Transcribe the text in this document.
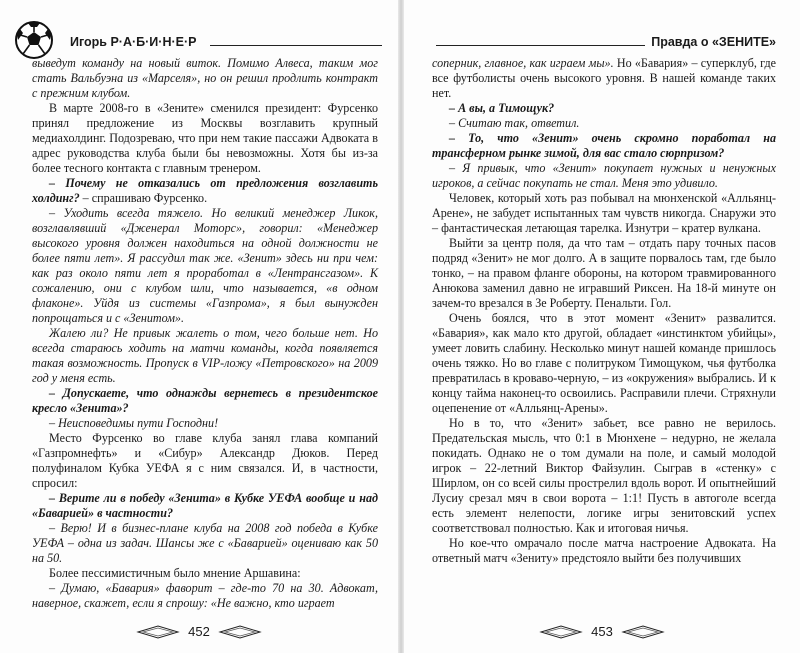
Игорь Р·А·Б·И·Н·Е·Р

выведут команду на новый виток. Помимо Алвеса, таким мог стать Вальбуэна из «Марселя», но он решил продлить контракт с прежним клубом.

В марте 2008-го в «Зените» сменился президент: Фурсенко принял предложение из Москвы возглавить крупный медиахолдинг. Подозреваю, что при нем такие пассажи Адвоката в адрес руководства клуба были бы невозможны. Хотя бы из-за более тесного контакта с главным тренером.

– Почему не отказались от предложения возглавить холдинг? – спрашиваю Фурсенко.

– Уходить всегда тяжело. Но великий менеджер Ликок, возглавлявший «Дженерал Моторс», говорил: «Менеджер высокого уровня должен находиться на одной должности не более пяти лет». Я рассудил так же. «Зенит» здесь ни при чем: как раз около пяти лет я проработал в «Лентрансгазом». К сожалению, они с клубом шли, что называется, «в одном флаконе». Уйдя из системы «Газпрома», я был вынужден попрощаться и с «Зенитом».

Жалею ли? Не привык жалеть о том, чего больше нет. Но всегда стараюсь ходить на матчи команды, когда появляется такая возможность. Пропуск в VIP-ложу «Петровского» на 2009 год у меня есть.

– Допускаете, что однажды вернетесь в президентское кресло «Зенита»?

– Неисповедимы пути Господни!

Место Фурсенко во главе клуба занял глава компаний «Газпромнефть» и «Сибур» Александр Дюков. Перед полуфиналом Кубка УЕФА я с ним связался. И, в частности, спросил:

– Верите ли в победу «Зенита» в Кубке УЕФА вообще и над «Баварией» в частности?

– Верю! И в бизнес-плане клуба на 2008 год победа в Кубке УЕФА – одна из задач. Шансы же с «Баварией» оцениваю как 50 на 50.

Более пессимистичным было мнение Аршавина:

– Думаю, «Бавария» фаворит – где-то 70 на 30. Адвокат, наверное, скажет, если я спрошу: «Не важно, кто играет

452
Правда о «ЗЕНИТЕ»

соперник, главное, как играем мы». Но «Бавария» – суперклуб, где все футболисты очень высокого уровня. В нашей команде таких нет.

– А вы, а Тимощук?

– Считаю так, ответил.

– То, что «Зенит» очень скромно поработал на трансферном рынке зимой, для вас стало сюрпризом?

– Я привык, что «Зенит» покупает нужных и ненужных игроков, а сейчас покупать не стал. Меня это удивило.

Человек, который хоть раз побывал на мюнхенской «Алльянц-Арене», не забудет испытанных там чувств никогда. Снаружи это – фантастическая летающая тарелка. Изнутри – кратер вулкана.

Выйти за центр поля, да что там – отдать пару точных пасов подряд «Зенит» не мог долго. А в защите порвалось там, где было тонко, – на правом фланге обороны, на котором травмированного Анюкова заменил давно не игравший Риксен. На 18-й минуте он зачем-то врезался в Зе Роберту. Пенальти. Гол.

Очень боялся, что в этот момент «Зенит» развалится. «Бавария», как мало кто другой, обладает «инстинктом убийцы», умеет ловить слабину. Несколько минут нашей команде пришлось очень тяжко. Но во главе с политруком Тимощуком, чья футболка превратилась в кроваво-черную, – из «окружения» выбрались. И к концу тайма наконец-то освоились. Расправили плечи. Стряхнули оцепенение от «Алльянц-Арены».

Но в то, что «Зенит» забьет, все равно не верилось. Предательская мысль, что 0:1 в Мюнхене – недурно, не желала покидать. Однако не о том думали на поле, и самый молодой игрок – 22-летний Виктор Файзулин. Сыграв в «стенку» с Ширлом, он со всей силы прострелил вдоль ворот. И опытнейший Лусиу срезал мяч в свои ворота – 1:1! Пусть в автоголе всегда есть элемент нелепости, логике игры зенитовский успех соответствовал полностью. Как и итоговая ничья.

Но кое-что омрачало после матча настроение Адвоката. На ответный матч «Зениту» предстояло выйти без получивших

453
